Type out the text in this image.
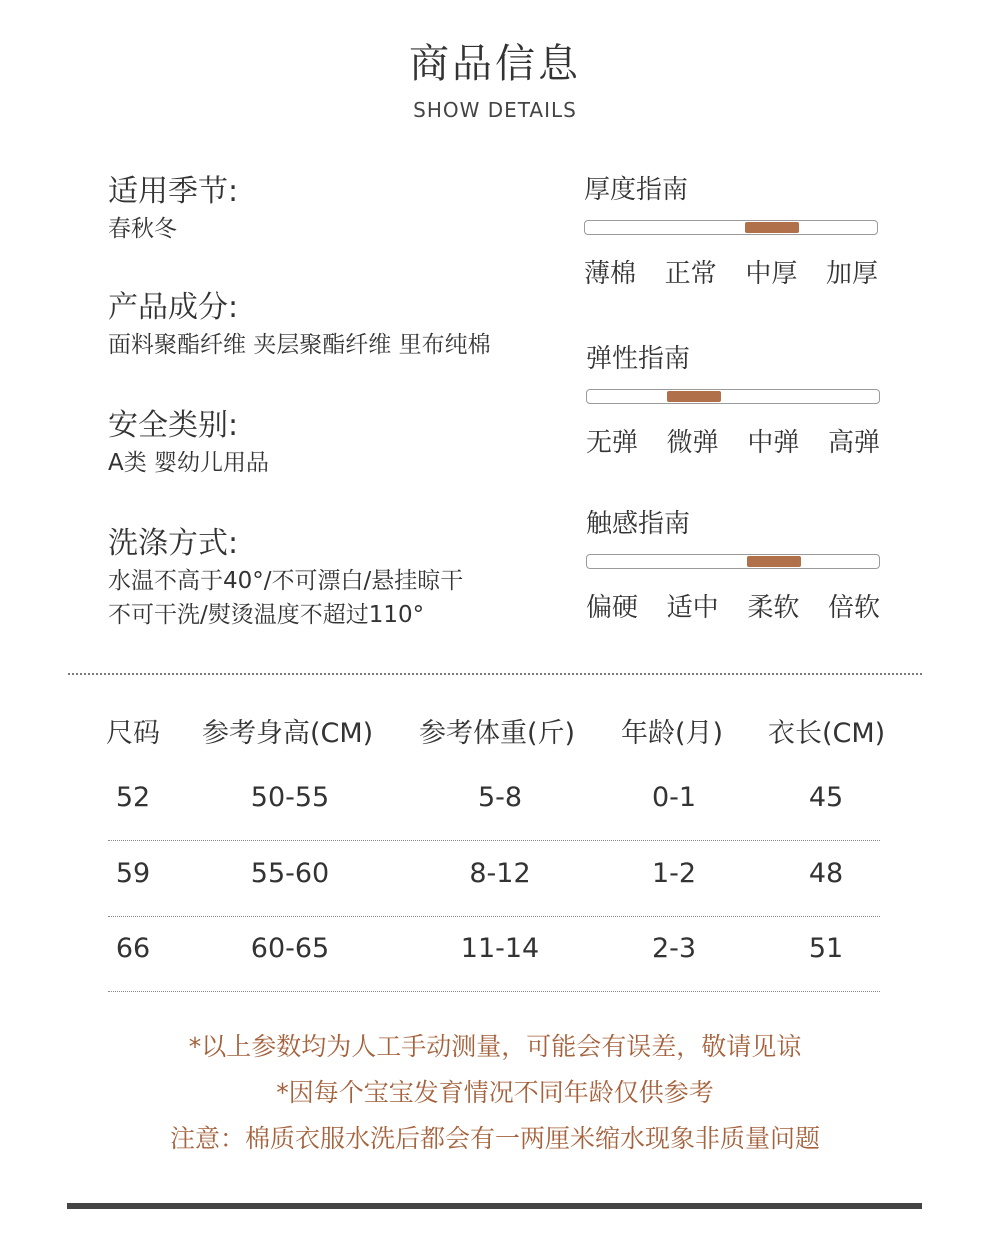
商品信息
SHOW DETAILS
适用季节:
春秋冬
产品成分:
面料聚酯纤维 夹层聚酯纤维 里布纯棉
安全类别:
A类 婴幼儿用品
洗涤方式:
水温不高于40°/不可漂白/悬挂晾干
不可干洗/熨烫温度不超过110°
厚度指南
薄棉 正常 中厚 加厚
弹性指南
无弹 微弹 中弹 高弹
触感指南
偏硬 适中 柔软 倍软
尺码 参考身高(CM) 参考体重(斤) 年龄(月) 衣长(CM)
52	50-55	5-8	0-1	45
59	55-60	8-12	1-2	48
66	60-65	11-14	2-3	51
*以上参数均为人工手动测量，可能会有误差，敬请见谅
*因每个宝宝发育情况不同年龄仅供参考
注意：棉质衣服水洗后都会有一两厘米缩水现象非质量问题
